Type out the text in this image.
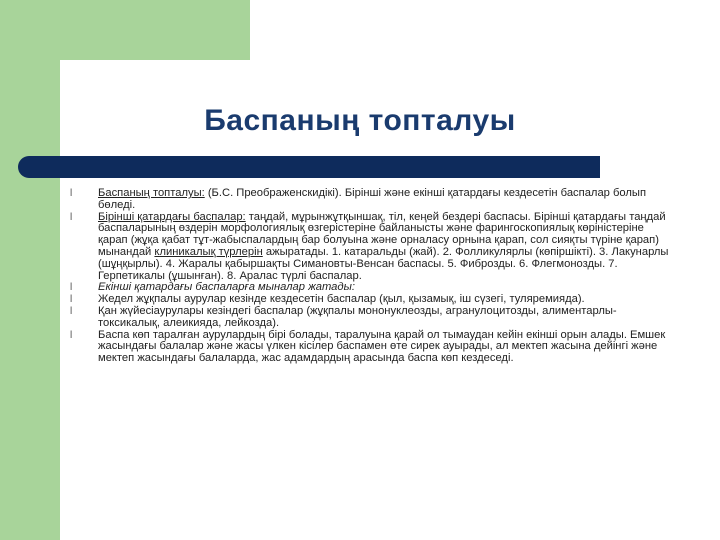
Баспаның топталуы

l Баспаның топталуы: (Б.С. Преображенскидікі). Бірінші және екінші қатардағы кездесетін баспалар болып бөледі.

l Бірінші қатардағы баспалар: таңдай, мұрынжұтқыншақ, тіл, кеңей бездері баспасы. Бірінші қатардағы таңдай баспаларының өздерін морфологиялық өзгерістеріне байланысты және фарингоскопиялық көріністеріне қарап (жұқа қабат тұт-жабыспалардың бар болуына және орналасу орнына қарап, сол сияқты түріне қарап) мынандай клиникалық түрлерін ажыратады. 1. катаральды (жай). 2. Фолликулярлы (көпіршікті). 3. Лакунарлы (шұңқырлы). 4. Жаралы қабыршақты Симановты-Венсан баспасы. 5. Фиброзды. 6. Флегмонозды. 7. Герпетикалы (ұшынған). 8. Аралас түрлі баспалар.

l Екінші қатардағы баспаларға мыналар жатады:

l Жедел жұқпалы аурулар кезінде кездесетін баспалар (қыл, қызамық, іш сүзегі, туляремияда).

l Қан жүйесіаурулары кезіндегі баспалар (жұқпалы мононуклеозды, агранулоцитозды, алиментарлы-токсикалық, алеикияда, лейкозда).

l Баспа көп таралған аурулардың бірі болады, таралуына қарай ол тымаудан кейін екінші орын алады. Емшек жасындағы балалар және жасы үлкен кісілер баспамен өте сирек ауырады, ал мектеп жасына дейінгі және мектеп жасындағы балаларда, жас адамдардың арасында баспа көп кездеседі.
